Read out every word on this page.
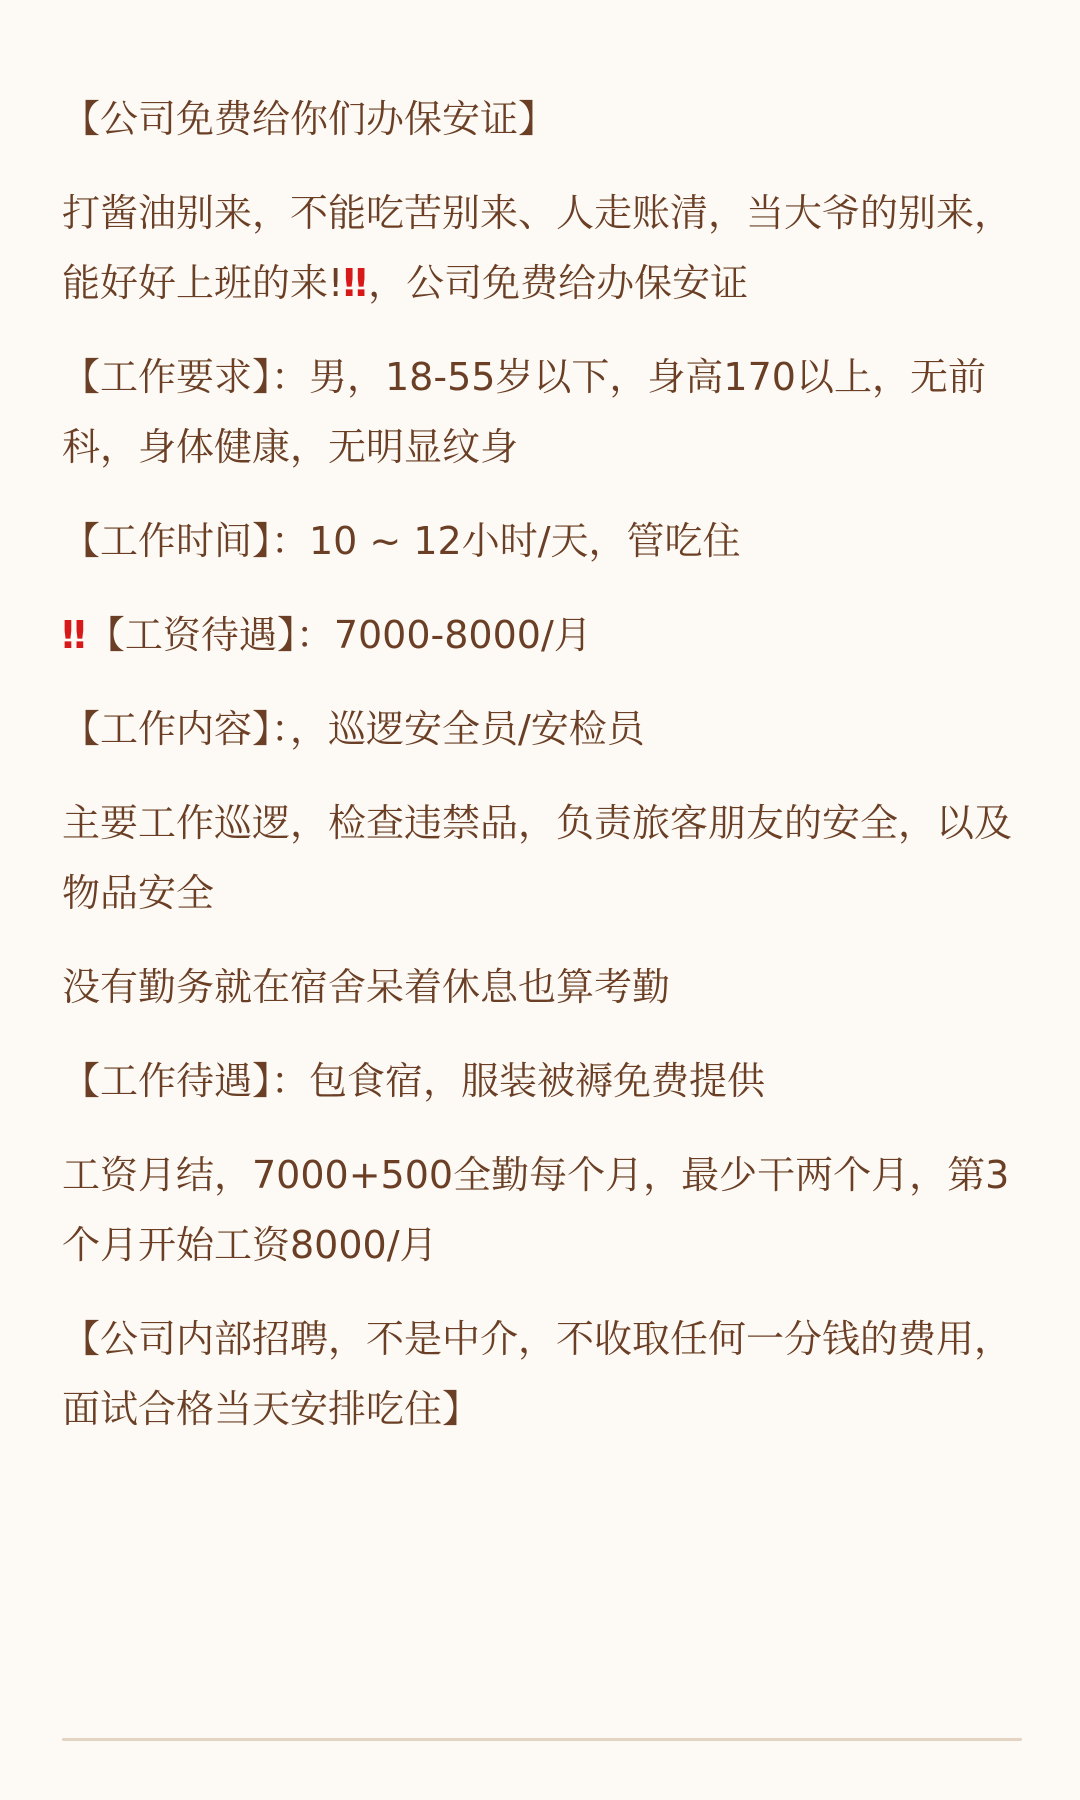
【公司免费给你们办保安证】

打酱油别来，不能吃苦别来、人走账清，当大爷的别来，能好好上班的来!‼ ，公司免费给办保安证

【工作要求】：男，18-55岁以下，身高170以上，无前科，身体健康，无明显纹身

【工作时间】：10 ~ 12小时/天，管吃住

‼ 【工资待遇】：7000-8000/月

【工作内容】：，巡逻安全员/安检员

主要工作巡逻，检查违禁品，负责旅客朋友的安全，以及物品安全

没有勤务就在宿舍呆着休息也算考勤

【工作待遇】：包食宿，服装被褥免费提供

工资月结，7000+500全勤每个月，最少干两个月，第3个月开始工资8000/月

【公司内部招聘，不是中介，不收取任何一分钱的费用，面试合格当天安排吃住】
